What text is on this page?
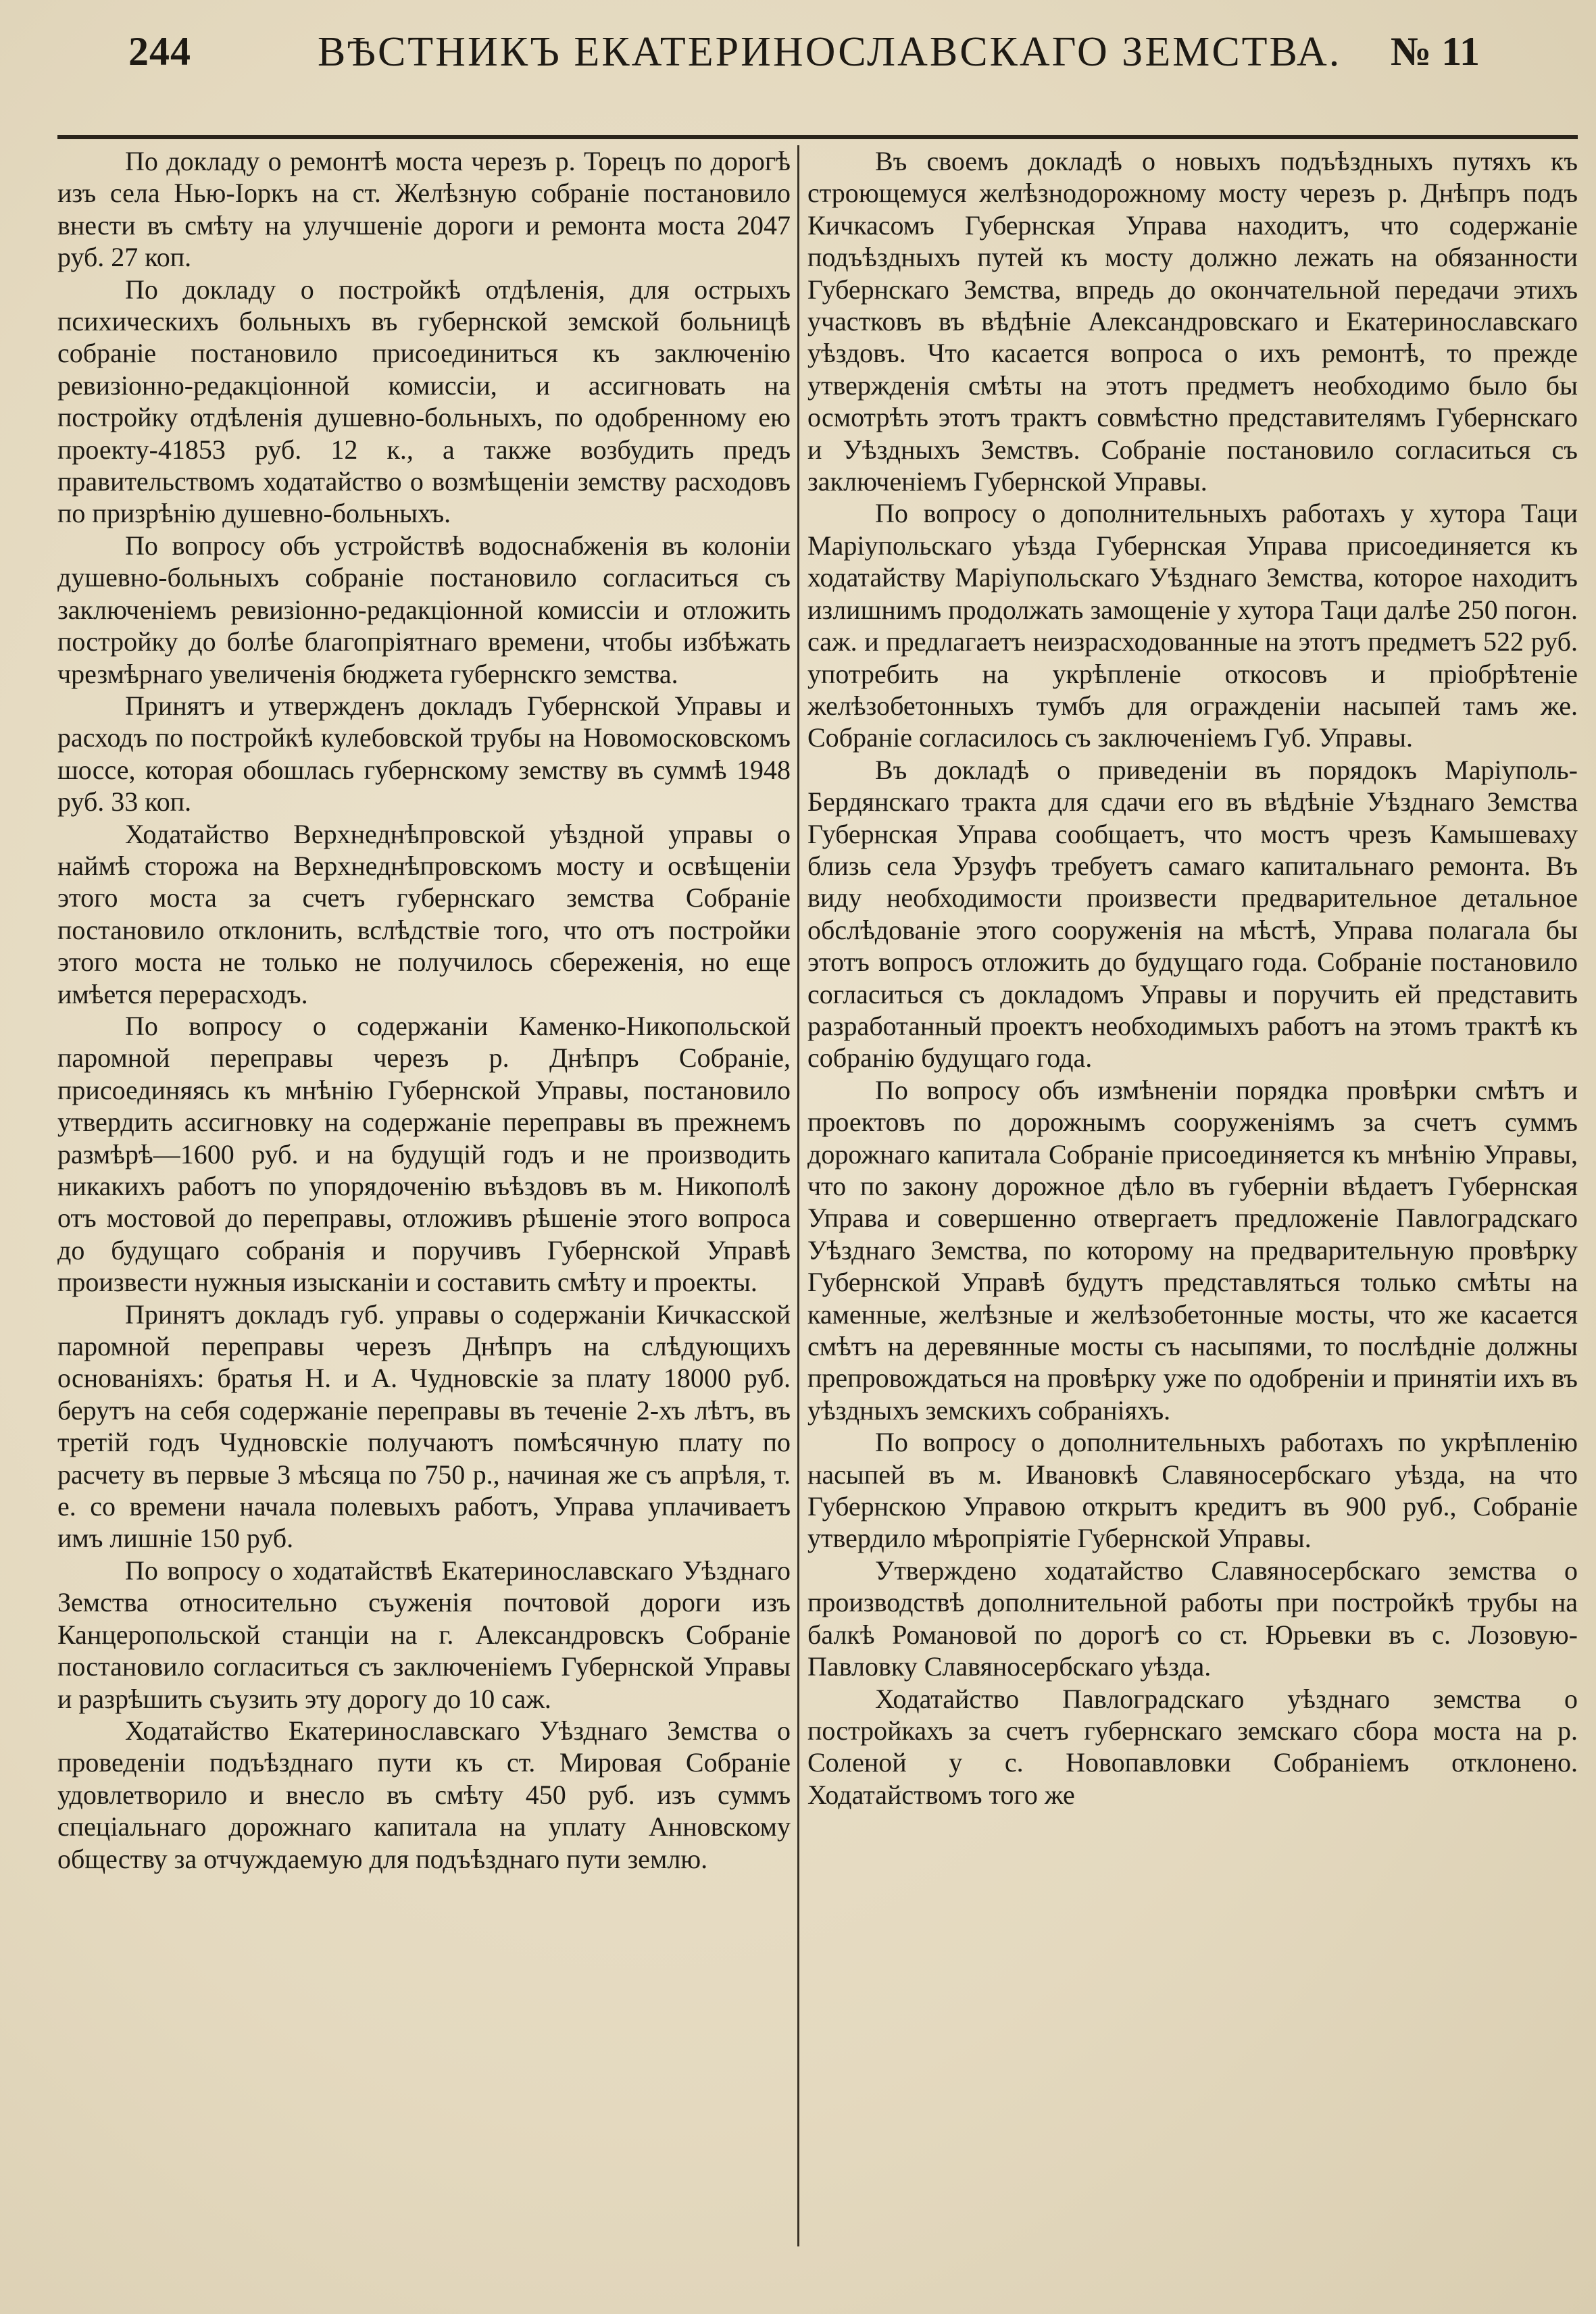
244	ВѢСТНИКЪ ЕКАТЕРИНОСЛАВСКАГО ЗЕМСТВА. № 11

По докладу о ремонтѣ моста черезъ р. Торецъ по дорогѣ изъ села Нью-Іоркъ на ст. Желѣзную собраніе постановило внести въ смѣту на улучшеніе дороги и ремонта моста 2047 руб. 27 коп.

По докладу о постройкѣ отдѣленія, для острыхъ психическихъ больныхъ въ губернской земской больницѣ собраніе постановило присоединиться къ заключенію ревизіонно-редакціонной комиссіи, и ассигновать на постройку отдѣленія душевно-больныхъ, по одобренному ею проекту-41853 руб. 12 к., а также возбудить предъ правительствомъ ходатайство о возмѣщеніи земству расходовъ по призрѣнію душевно-больныхъ.

По вопросу объ устройствѣ водоснабженія въ колоніи душевно-больныхъ собраніе постановило согласиться съ заключеніемъ ревизіонно-редакціонной комиссіи и отложить постройку до болѣе благопріятнаго времени, чтобы избѣжать чрезмѣрнаго увеличенія бюджета губернскго земства.

Принятъ и утвержденъ докладъ Губернской Управы и расходъ по постройкѣ кулебовской трубы на Новомосковскомъ шоссе, которая обошлась губернскому земству въ суммѣ 1948 руб. 33 коп.

Ходатайство Верхнеднѣпровской уѣздной управы о наймѣ сторожа на Верхнеднѣпровскомъ мосту и освѣщеніи этого моста за счетъ губернскаго земства Собраніе постановило отклонить, вслѣдствіе того, что отъ постройки этого моста не только не получилось сбереженія, но еще имѣется перерасходъ.

По вопросу о содержаніи Каменко-Никопольской паромной переправы черезъ р. Днѣпръ Собраніе, присоединяясь къ мнѣнію Губернской Управы, постановило утвердить ассигновку на содержаніе переправы въ прежнемъ размѣрѣ—1600 руб. и на будущій годъ и не производить никакихъ работъ по упорядоченію въѣздовъ въ м. Никополѣ отъ мостовой до переправы, отложивъ рѣшеніе этого вопроса до будущаго собранія и поручивъ Губернской Управѣ произвести нужныя изысканіи и составить смѣту и проекты.

Принятъ докладъ губ. управы о содержаніи Кичкасской паромной переправы черезъ Днѣпръ на слѣдующихъ основаніяхъ: братья Н. и А. Чудновскіе за плату 18000 руб. берутъ на себя содержаніе переправы въ теченіе 2-хъ лѣтъ, въ третій годъ Чудновскіе получаютъ помѣсячную плату по расчету въ первые 3 мѣсяца по 750 р., начиная же съ апрѣля, т. е. со времени начала полевыхъ работъ, Управа уплачиваетъ имъ лишніе 150 руб.

По вопросу о ходатайствѣ Екатеринославскаго Уѣзднаго Земства относительно съуженія почтовой дороги изъ Канцеропольской станціи на г. Александровскъ Собраніе постановило согласиться съ заключеніемъ Губернской Управы и разрѣшить съузить эту дорогу до 10 саж.

Ходатайство Екатеринославскаго Уѣзднаго Земства о проведеніи подъѣзднаго пути къ ст. Мировая Собраніе удовлетворило и внесло въ смѣту 450 руб. изъ суммъ спеціальнаго дорожнаго капитала на уплату Анновскому обществу за отчуждаемую для подъѣзднаго пути землю.

Въ своемъ докладѣ о новыхъ подъѣздныхъ путяхъ къ строющемуся желѣзнодорожному мосту черезъ р. Днѣпръ подъ Кичкасомъ Губернская Управа находитъ, что содержаніе подъѣздныхъ путей къ мосту должно лежать на обязанности Губернскаго Земства, впредь до окончательной передачи этихъ участковъ въ вѣдѣніе Александровскаго и Екатеринославскаго уѣздовъ. Что касается вопроса о ихъ ремонтѣ, то прежде утвержденія смѣты на этотъ предметъ необходимо было бы осмотрѣть этотъ трактъ совмѣстно представителямъ Губернскаго и Уѣздныхъ Земствъ. Собраніе постановило согласиться съ заключеніемъ Губернской Управы.

По вопросу о дополнительныхъ работахъ у хутора Таци Маріупольскаго уѣзда Губернская Управа присоединяется къ ходатайству Маріупольскаго Уѣзднаго Земства, которое находитъ излишнимъ продолжать замощеніе у хутора Таци далѣе 250 погон. саж. и предлагаетъ неизрасходованные на этотъ предметъ 522 руб. употребить на укрѣпленіе откосовъ и пріобрѣтеніе желѣзобетонныхъ тумбъ для огражденіи насыпей тамъ же. Собраніе согласилось съ заключеніемъ Губ. Управы.

Въ докладѣ о приведеніи въ порядокъ Маріуполь-Бердянскаго тракта для сдачи его въ вѣдѣніе Уѣзднаго Земства Губернская Управа сообщаетъ, что мостъ чрезъ Камышеваху близь села Урзуфъ требуетъ самаго капитальнаго ремонта. Въ виду необходимости произвести предварительное детальное обслѣдованіе этого сооруженія на мѣстѣ, Управа полагала бы этотъ вопросъ отложить до будущаго года. Собраніе постановило согласиться съ докладомъ Управы и поручить ей представить разработанный проектъ необходимыхъ работъ на этомъ трактѣ къ собранію будущаго года.

По вопросу объ измѣненіи порядка провѣрки смѣтъ и проектовъ по дорожнымъ сооруженіямъ за счетъ суммъ дорожнаго капитала Собраніе присоединяется къ мнѣнію Управы, что по закону дорожное дѣло въ губерніи вѣдаетъ Губернская Управа и совершенно отвергаетъ предложеніе Павлоградскаго Уѣзднаго Земства, по которому на предварительную провѣрку Губернской Управѣ будутъ представляться только смѣты на каменные, желѣзные и желѣзобетонные мосты, что же касается смѣтъ на деревянные мосты съ насыпями, то послѣдніе должны препровождаться на провѣрку уже по одобреніи и принятіи ихъ въ уѣздныхъ земскихъ собраніяхъ.

По вопросу о дополнительныхъ работахъ по укрѣпленію насыпей въ м. Ивановкѣ Славяносербскаго уѣзда, на что Губернскою Управою открытъ кредитъ въ 900 руб., Собраніе утвердило мѣропріятіе Губернской Управы.

Утверждено ходатайство Славяносербскаго земства о производствѣ дополнительной работы при постройкѣ трубы на балкѣ Романовой по дорогѣ со ст. Юрьевки въ с. Лозовую-Павловку Славяносербскаго уѣзда.

Ходатайство Павлоградскаго уѣзднаго земства о постройкахъ за счетъ губернскаго земскаго сбора моста на р. Соленой у с. Новопавловки Собраніемъ отклонено. Ходатайствомъ того же
